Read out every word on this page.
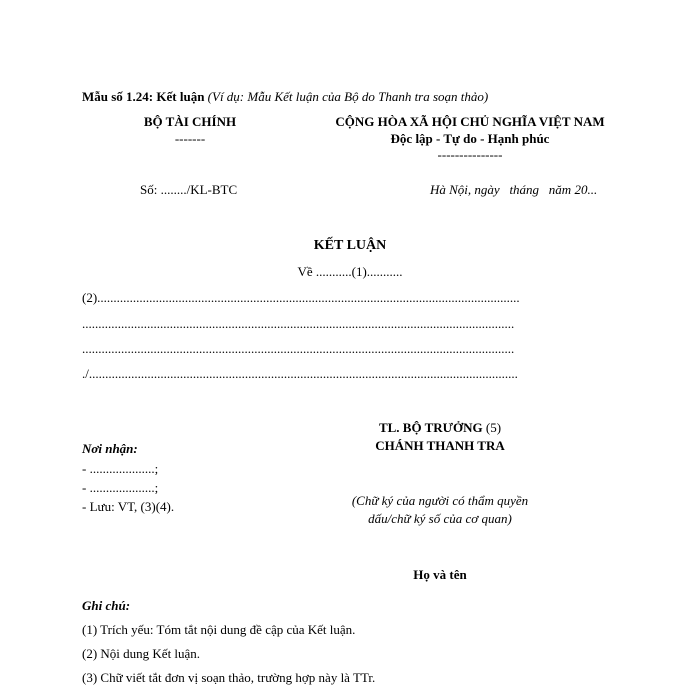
Mẫu số 1.24: Kết luận (Ví dụ: Mẫu Kết luận của Bộ do Thanh tra soạn thảo)
BỘ TÀI CHÍNH
-------
CỘNG HÒA XÃ HỘI CHỦ NGHĨA VIỆT NAM
Độc lập - Tự do - Hạnh phúc
---------------
Số: ......../KL-BTC	Hà Nội, ngày   tháng   năm 20...
KẾT LUẬN
Về ...........(1)...........
(2)..................................................................................................................................
.....................................................................................................................................
.....................................................................................................................................
..................................................................................................................................../.
TL. BỘ TRƯỞNG (5)
CHÁNH THANH TRA
Nơi nhận:
- ....................;
- ....................;
- Lưu: VT, (3)(4).	(Chữ ký của người có thẩm quyền
dấu/chữ ký số của cơ quan)
Họ và tên
Ghi chú:
(1) Trích yếu: Tóm tắt nội dung đề cập của Kết luận.
(2) Nội dung Kết luận.
(3) Chữ viết tắt đơn vị soạn thảo, trường hợp này là TTr.
